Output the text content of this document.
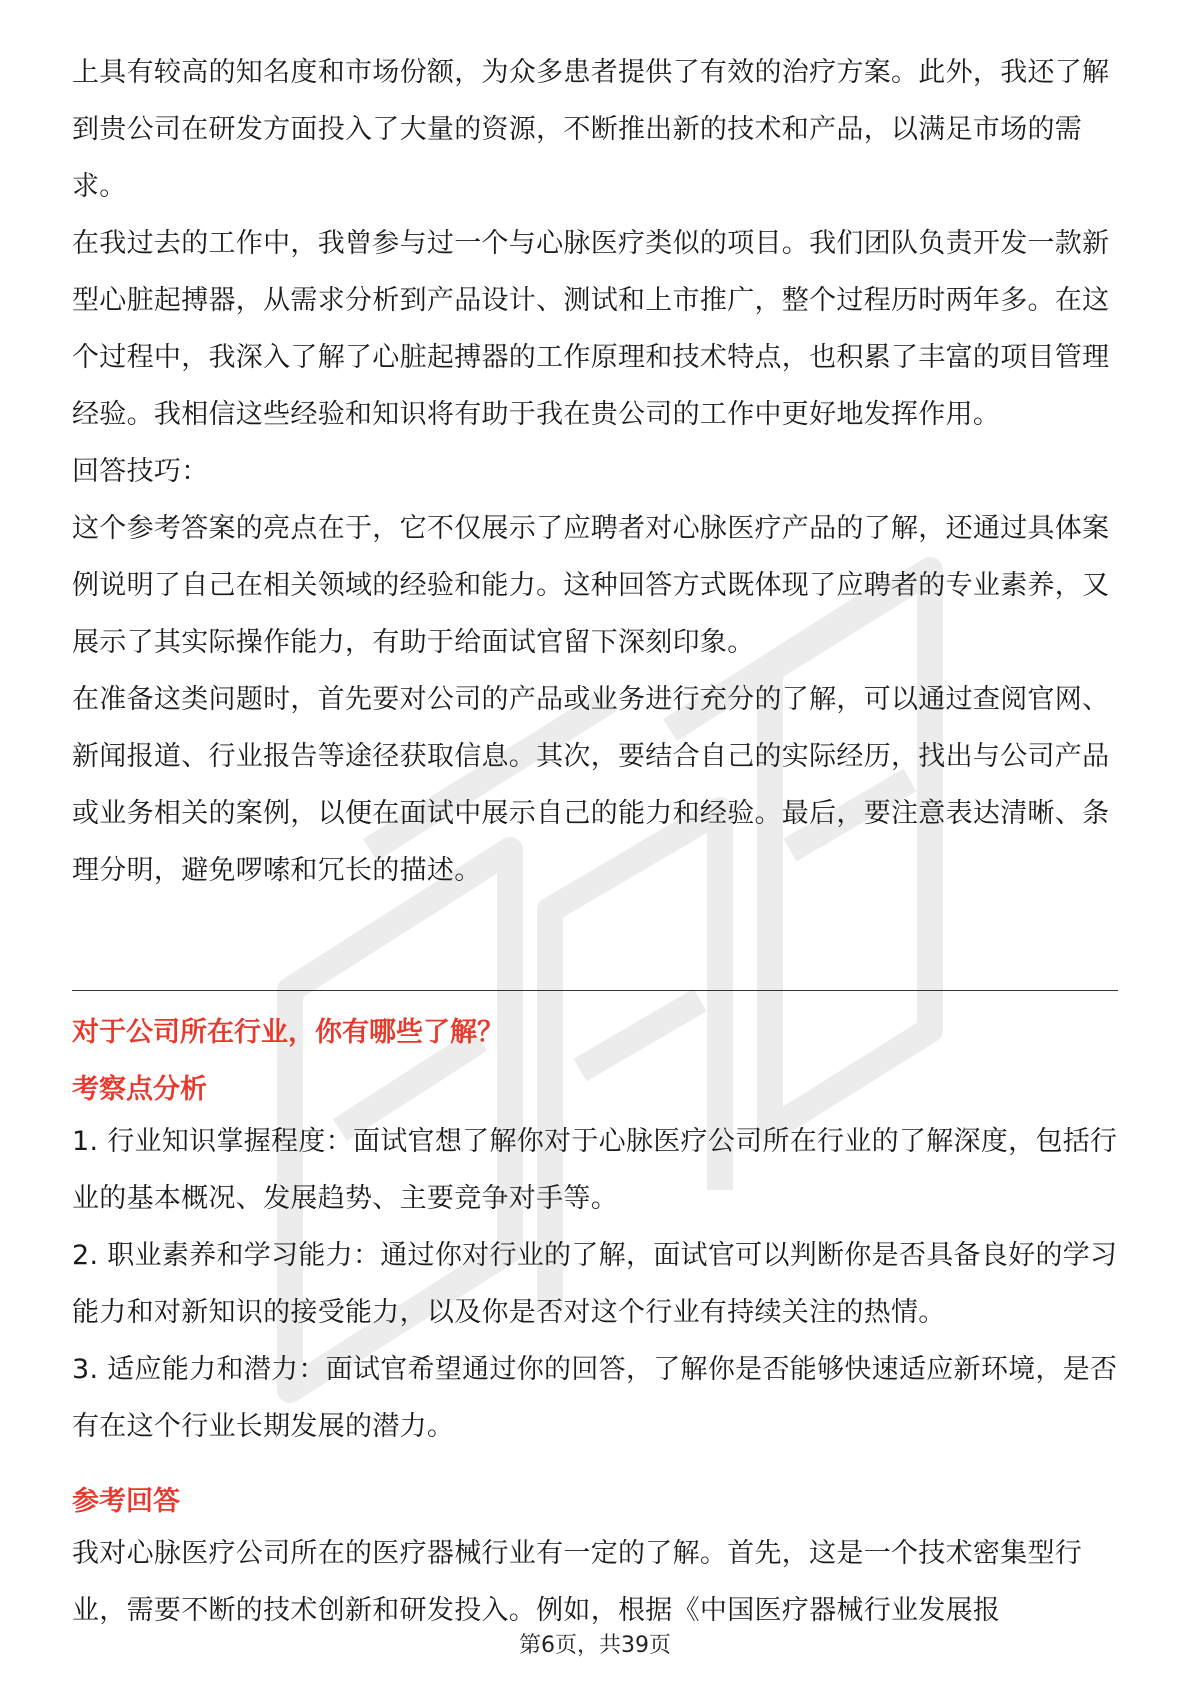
上具有较高的知名度和市场份额，为众多患者提供了有效的治疗方案。此外，我还了解到贵公司在研发方面投入了大量的资源，不断推出新的技术和产品，以满足市场的需求。

在我过去的工作中，我曾参与过一个与心脉医疗类似的项目。我们团队负责开发一款新型心脏起搏器，从需求分析到产品设计、测试和上市推广，整个过程历时两年多。在这个过程中，我深入了解了心脏起搏器的工作原理和技术特点，也积累了丰富的项目管理经验。我相信这些经验和知识将有助于我在贵公司的工作中更好地发挥作用。

回答技巧：

这个参考答案的亮点在于，它不仅展示了应聘者对心脉医疗产品的了解，还通过具体案例说明了自己在相关领域的经验和能力。这种回答方式既体现了应聘者的专业素养，又展示了其实际操作能力，有助于给面试官留下深刻印象。

在准备这类问题时，首先要对公司的产品或业务进行充分的了解，可以通过查阅官网、新闻报道、行业报告等途径获取信息。其次，要结合自己的实际经历，找出与公司产品或业务相关的案例，以便在面试中展示自己的能力和经验。最后，要注意表达清晰、条理分明，避免啰嗦和冗长的描述。

对于公司所在行业，你有哪些了解？
考察点分析

1. 行业知识掌握程度：面试官想了解你对于心脉医疗公司所在行业的了解深度，包括行业的基本概况、发展趋势、主要竞争对手等。

2. 职业素养和学习能力：通过你对行业的了解，面试官可以判断你是否具备良好的学习能力和对新知识的接受能力，以及你是否对这个行业有持续关注的热情。

3. 适应能力和潜力：面试官希望通过你的回答，了解你是否能够快速适应新环境，是否有在这个行业长期发展的潜力。

参考回答

我对心脉医疗公司所在的医疗器械行业有一定的了解。首先，这是一个技术密集型行业，需要不断的技术创新和研发投入。例如，根据《中国医疗器械行业发展报

第6页，共39页
